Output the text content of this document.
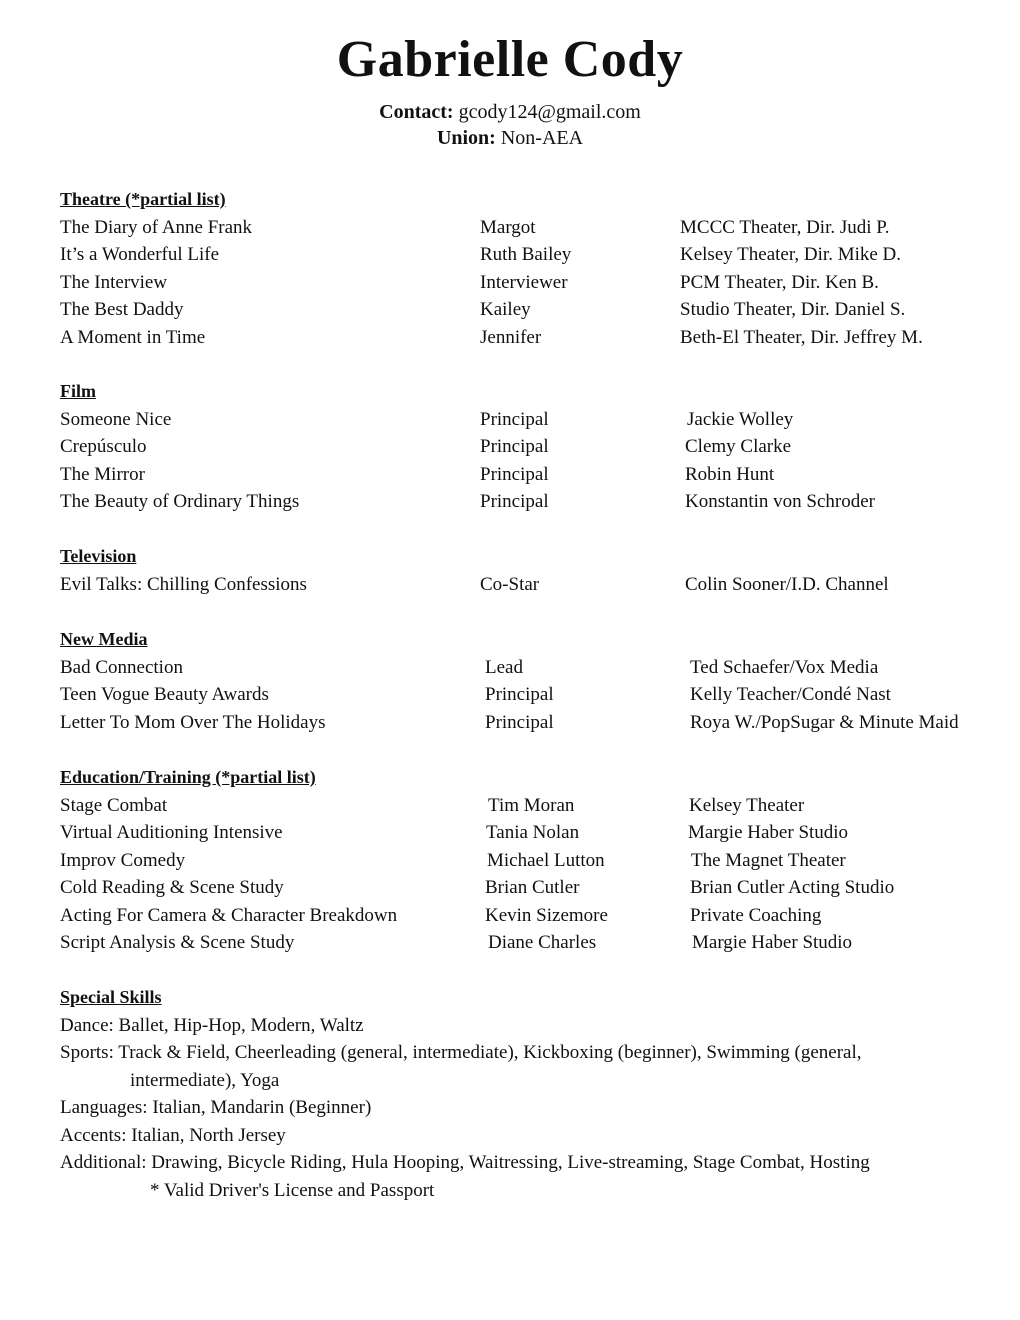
Gabrielle Cody
Contact: gcody124@gmail.com
Union: Non-AEA
Theatre (*partial list)
The Diary of Anne Frank	Margot	MCCC Theater, Dir. Judi P.
It’s a Wonderful Life	Ruth Bailey	Kelsey Theater, Dir. Mike D.
The Interview	Interviewer	PCM Theater, Dir. Ken B.
The Best Daddy	Kailey	Studio Theater, Dir. Daniel S.
A Moment in Time	Jennifer	Beth-El Theater, Dir. Jeffrey M.
Film
Someone Nice	Principal	Jackie Wolley
Crepúsculo	Principal	Clemy Clarke
The Mirror	Principal	Robin Hunt
The Beauty of Ordinary Things	Principal	Konstantin von Schroder
Television
Evil Talks: Chilling Confessions	Co-Star	Colin Sooner/I.D. Channel
New Media
Bad Connection	Lead	Ted Schaefer/Vox Media
Teen Vogue Beauty Awards	Principal	Kelly Teacher/Condé Nast
Letter To Mom Over The Holidays	Principal	Roya W./PopSugar & Minute Maid
Education/Training (*partial list)
Stage Combat	Tim Moran	Kelsey Theater
Virtual Auditioning Intensive	Tania Nolan	Margie Haber Studio
Improv Comedy	Michael Lutton	The Magnet Theater
Cold Reading & Scene Study	Brian Cutler	Brian Cutler Acting Studio
Acting For Camera & Character Breakdown	Kevin Sizemore	Private Coaching
Script Analysis & Scene Study	Diane Charles	Margie Haber Studio
Special Skills
Dance: Ballet, Hip-Hop, Modern, Waltz
Sports: Track & Field, Cheerleading (general, intermediate), Kickboxing (beginner), Swimming (general,
intermediate), Yoga
Languages: Italian, Mandarin (Beginner)
Accents: Italian, North Jersey
Additional: Drawing, Bicycle Riding, Hula Hooping, Waitressing, Live-streaming, Stage Combat, Hosting
* Valid Driver's License and Passport
